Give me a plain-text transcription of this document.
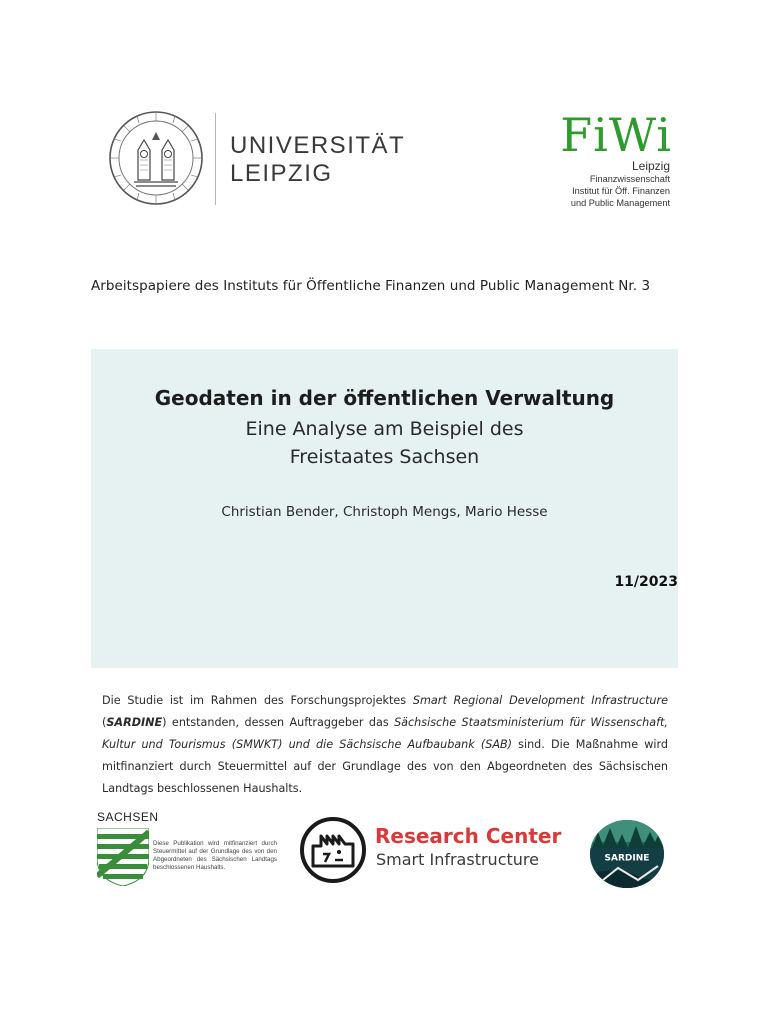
UNIVERSITÄT
LEIPZIG
FiWi
Leipzig
Finanzwissenschaft
Institut für Öff. Finanzen
und Public Management
Arbeitspapiere des Instituts für Öffentliche Finanzen und Public Management Nr. 3
Geodaten in der öffentlichen Verwaltung
Eine Analyse am Beispiel des
Freistaates Sachsen
Christian Bender, Christoph Mengs, Mario Hesse
11/2023
Die Studie ist im Rahmen des Forschungsprojektes Smart Regional Development Infrastructure (SARDINE) entstanden, dessen Auftraggeber das Sächsische Staatsministerium für Wissenschaft, Kultur und Tourismus (SMWKT) und die Sächsische Aufbaubank (SAB) sind. Die Maßnahme wird mitfinanziert durch Steuermittel auf der Grundlage des von den Abgeordneten des Sächsischen Landtags beschlossenen Haushalts.
SACHSEN
Diese Publikation wird mitfinanziert durch Steuermittel auf der Grundlage des von den Abgeordneten des Sächsischen Landtags beschlossenen Haushalts.
Research Center
Smart Infrastructure	SARDINE
